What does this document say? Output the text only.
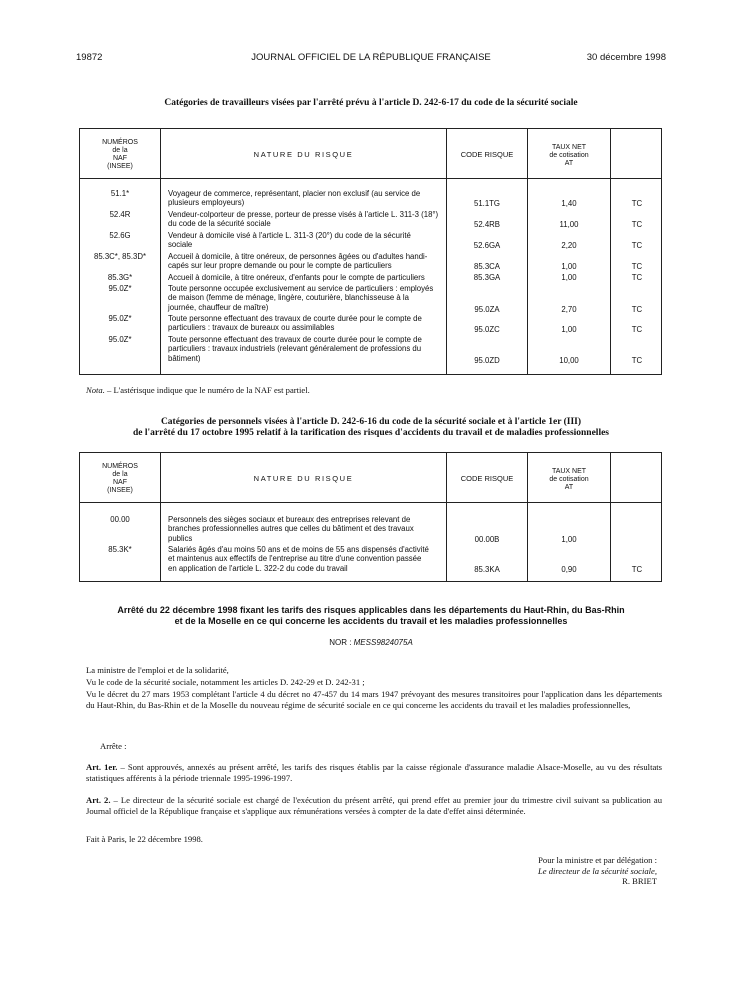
19872	JOURNAL OFFICIEL DE LA RÉPUBLIQUE FRANÇAISE	30 décembre 1998
Catégories de travailleurs visées par l'arrêté prévu à l'article D. 242-6-17 du code de la sécurité sociale
NUMÉROS
de la
NAF
(INSEE)
NATURE DU RISQUE	CODE RISQUE
TAUX NET
de cotisation
AT
51.1*	Voyageur de commerce, représentant, placier non exclusif (au service de
plusieurs employeurs)	51.1TG	1,40	TC
52.4R	Vendeur-colporteur de presse, porteur de presse visés à l'article L. 311-3 (18°)
du code de la sécurité sociale	52.4RB	11,00	TC
52.6G	Vendeur à domicile visé à l'article L. 311-3 (20°) du code de la sécurité
sociale	52.6GA	2,20	TC
85.3C*, 85.3D*	Accueil à domicile, à titre onéreux, de personnes âgées ou d'adultes handi-
capés sur leur propre demande ou pour le compte de particuliers	85.3CA	1,00	TC
85.3G*	Accueil à domicile, à titre onéreux, d'enfants pour le compte de particuliers	85.3GA	1,00	TC
95.0Z*	Toute personne occupée exclusivement au service de particuliers : employés
de maison (femme de ménage, lingère, couturière, blanchisseuse à la
journée, chauffeur de maître)	95.0ZA	2,70	TC
95.0Z*	Toute personne effectuant des travaux de courte durée pour le compte de
particuliers : travaux de bureaux ou assimilables	95.0ZC	1,00	TC
95.0Z*	Toute personne effectuant des travaux de courte durée pour le compte de
particuliers : travaux industriels (relevant généralement de professions du
bâtiment)	95.0ZD	10,00	TC
Nota. – L'astérisque indique que le numéro de la NAF est partiel.
Catégories de personnels visées à l'article D. 242-6-16 du code de la sécurité sociale et à l'article 1er (III)
de l'arrêté du 17 octobre 1995 relatif à la tarification des risques d'accidents du travail et de maladies professionnelles
NUMÉROS
de la
NAF
(INSEE)
NATURE DU RISQUE	CODE RISQUE
TAUX NET
de cotisation
AT
00.00	Personnels des sièges sociaux et bureaux des entreprises relevant de
branches professionnelles autres que celles du bâtiment et des travaux
publics	00.00B	1,00
85.3K*	Salariés âgés d'au moins 50 ans et de moins de 55 ans dispensés d'activité
et maintenus aux effectifs de l'entreprise au titre d'une convention passée
en application de l'article L. 322-2 du code du travail	85.3KA	0,90	TC
Arrêté du 22 décembre 1998 fixant les tarifs des risques applicables dans les départements du Haut-Rhin, du Bas-Rhin
et de la Moselle en ce qui concerne les accidents du travail et les maladies professionnelles
NOR : MESS9824075A
La ministre de l'emploi et de la solidarité,
Vu le code de la sécurité sociale, notamment les articles D. 242-29 et D. 242-31 ;
Vu le décret du 27 mars 1953 complétant l'article 4 du décret no 47-457 du 14 mars 1947 prévoyant des mesures transitoires pour l'application dans les départements du Haut-Rhin, du Bas-Rhin et de la Moselle du nouveau régime de sécurité sociale en ce qui concerne les accidents du travail et les maladies professionnelles,
Arrête :
Art. 1er. – Sont approuvés, annexés au présent arrêté, les tarifs des risques établis par la caisse régionale d'assurance maladie Alsace-Moselle, au vu des résultats statistiques afférents à la période triennale 1995-1996-1997.
Art. 2. – Le directeur de la sécurité sociale est chargé de l'exécution du présent arrêté, qui prend effet au premier jour du trimestre civil suivant sa publication au Journal officiel de la République française et s'applique aux rémunérations versées à compter de la date d'effet ainsi déterminée.
Fait à Paris, le 22 décembre 1998.
Pour la ministre et par délégation :
Le directeur de la sécurité sociale,
R. BRIET
